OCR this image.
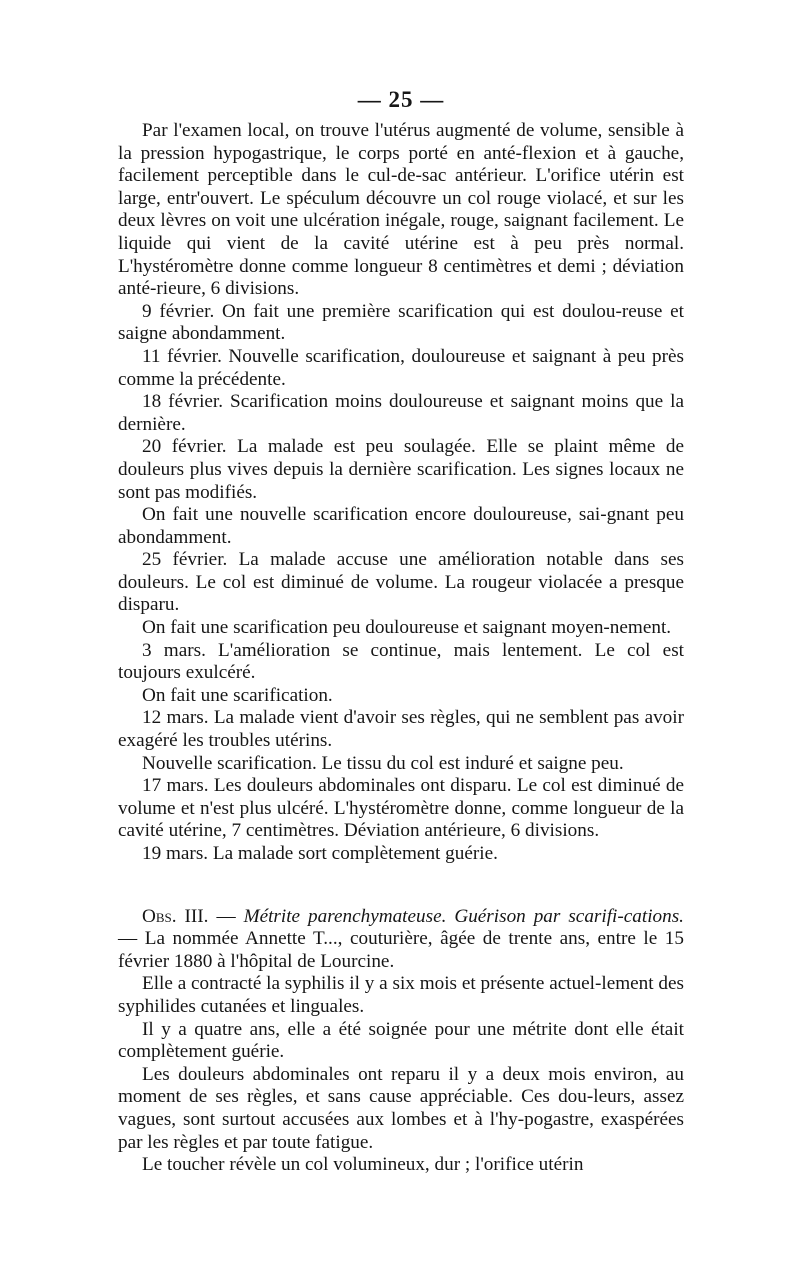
— 25 —

Par l'examen local, on trouve l'utérus augmenté de volume, sensible à la pression hypogastrique, le corps porté en anté-flexion et à gauche, facilement perceptible dans le cul-de-sac antérieur. L'orifice utérin est large, entr'ouvert. Le spéculum découvre un col rouge violacé, et sur les deux lèvres on voit une ulcération inégale, rouge, saignant facilement. Le liquide qui vient de la cavité utérine est à peu près normal. L'hystéromètre donne comme longueur 8 centimètres et demi ; déviation anté-rieure, 6 divisions.

9 février. On fait une première scarification qui est doulou-reuse et saigne abondamment.

11 février. Nouvelle scarification, douloureuse et saignant à peu près comme la précédente.

18 février. Scarification moins douloureuse et saignant moins que la dernière.

20 février. La malade est peu soulagée. Elle se plaint même de douleurs plus vives depuis la dernière scarification. Les signes locaux ne sont pas modifiés.

On fait une nouvelle scarification encore douloureuse, sai-gnant peu abondamment.

25 février. La malade accuse une amélioration notable dans ses douleurs. Le col est diminué de volume. La rougeur violacée a presque disparu.

On fait une scarification peu douloureuse et saignant moyen-nement.

3 mars. L'amélioration se continue, mais lentement. Le col est toujours exulcéré.

On fait une scarification.

12 mars. La malade vient d'avoir ses règles, qui ne semblent pas avoir exagéré les troubles utérins.

Nouvelle scarification. Le tissu du col est induré et saigne peu.

17 mars. Les douleurs abdominales ont disparu. Le col est diminué de volume et n'est plus ulcéré. L'hystéromètre donne, comme longueur de la cavité utérine, 7 centimètres. Déviation antérieure, 6 divisions.

19 mars. La malade sort complètement guérie.

Obs. III. — Métrite parenchymateuse. Guérison par scarifi-cations. — La nommée Annette T..., couturière, âgée de trente ans, entre le 15 février 1880 à l'hôpital de Lourcine.

Elle a contracté la syphilis il y a six mois et présente actuel-lement des syphilides cutanées et linguales.

Il y a quatre ans, elle a été soignée pour une métrite dont elle était complètement guérie.

Les douleurs abdominales ont reparu il y a deux mois environ, au moment de ses règles, et sans cause appréciable. Ces dou-leurs, assez vagues, sont surtout accusées aux lombes et à l'hy-pogastre, exaspérées par les règles et par toute fatigue.

Le toucher révèle un col volumineux, dur ; l'orifice utérin
